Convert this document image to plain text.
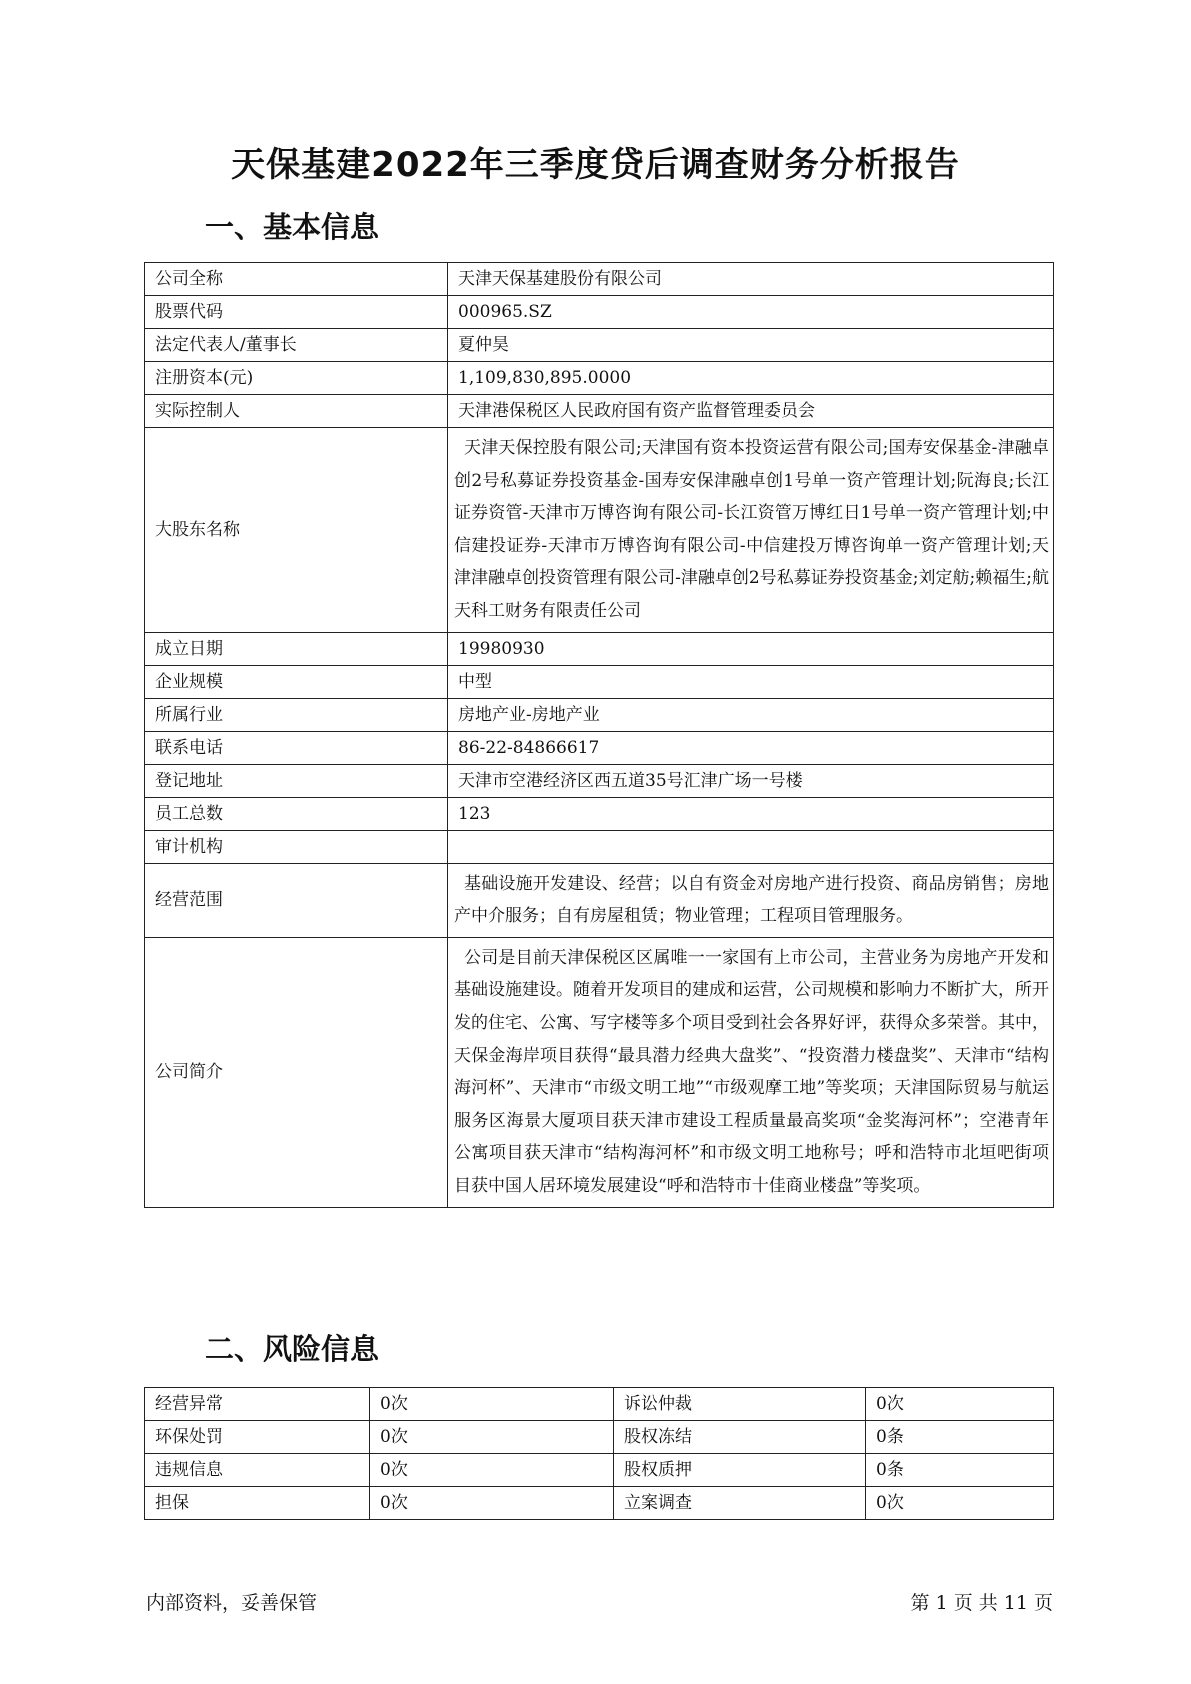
天保基建2022年三季度贷后调查财务分析报告
一、基本信息
公司全称	天津天保基建股份有限公司
股票代码	000965.SZ
法定代表人/董事长	夏仲昊
注册资本(元)	1,109,830,895.0000
实际控制人	天津港保税区人民政府国有资产监督管理委员会
大股东名称	天津天保控股有限公司;天津国有资本投资运营有限公司;国寿安保基金-津融卓创2号私募证券投资基金-国寿安保津融卓创1号单一资产管理计划;阮海良;长江证券资管-天津市万博咨询有限公司-长江资管万博红日1号单一资产管理计划;中信建投证券-天津市万博咨询有限公司-中信建投万博咨询单一资产管理计划;天津津融卓创投资管理有限公司-津融卓创2号私募证券投资基金;刘定舫;赖福生;航天科工财务有限责任公司
成立日期	19980930
企业规模	中型
所属行业	房地产业-房地产业
联系电话	86-22-84866617
登记地址	天津市空港经济区西五道35号汇津广场一号楼
员工总数	123
审计机构	
经营范围	基础设施开发建设、经营；以自有资金对房地产进行投资、商品房销售；房地产中介服务；自有房屋租赁；物业管理；工程项目管理服务。
公司简介	公司是目前天津保税区区属唯一一家国有上市公司，主营业务为房地产开发和基础设施建设。随着开发项目的建成和运营，公司规模和影响力不断扩大，所开发的住宅、公寓、写字楼等多个项目受到社会各界好评，获得众多荣誉。其中，天保金海岸项目获得“最具潜力经典大盘奖”、“投资潜力楼盘奖”、天津市“结构海河杯”、天津市“市级文明工地”“市级观摩工地”等奖项；天津国际贸易与航运服务区海景大厦项目获天津市建设工程质量最高奖项“金奖海河杯”；空港青年公寓项目获天津市“结构海河杯”和市级文明工地称号；呼和浩特市北垣吧街项目获中国人居环境发展建设“呼和浩特市十佳商业楼盘”等奖项。
二、风险信息
经营异常	0次	诉讼仲裁	0次
环保处罚	0次	股权冻结	0条
违规信息	0次	股权质押	0条
担保	0次	立案调查	0次
内部资料，妥善保管	第 1 页 共 11 页
